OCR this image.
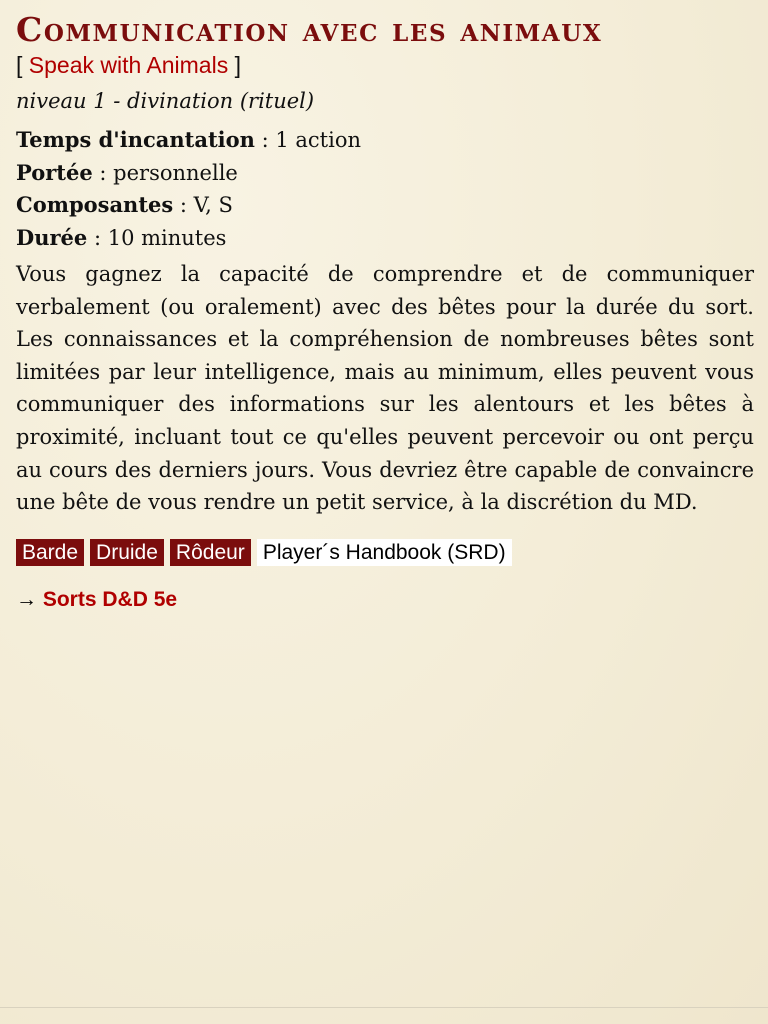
Communication avec les animaux
[ Speak with Animals ]
niveau 1 - divination (rituel)
Temps d'incantation : 1 action
Portée : personnelle
Composantes : V, S
Durée : 10 minutes
Vous gagnez la capacité de comprendre et de communiquer verbalement (ou oralement) avec des bêtes pour la durée du sort. Les connaissances et la compréhension de nombreuses bêtes sont limitées par leur intelligence, mais au minimum, elles peuvent vous communiquer des informations sur les alentours et les bêtes à proximité, incluant tout ce qu'elles peuvent percevoir ou ont perçu au cours des derniers jours. Vous devriez être capable de convaincre une bête de vous rendre un petit service, à la discrétion du MD.
Barde Druide Rôdeur Player´s Handbook (SRD)
→ Sorts D&D 5e
